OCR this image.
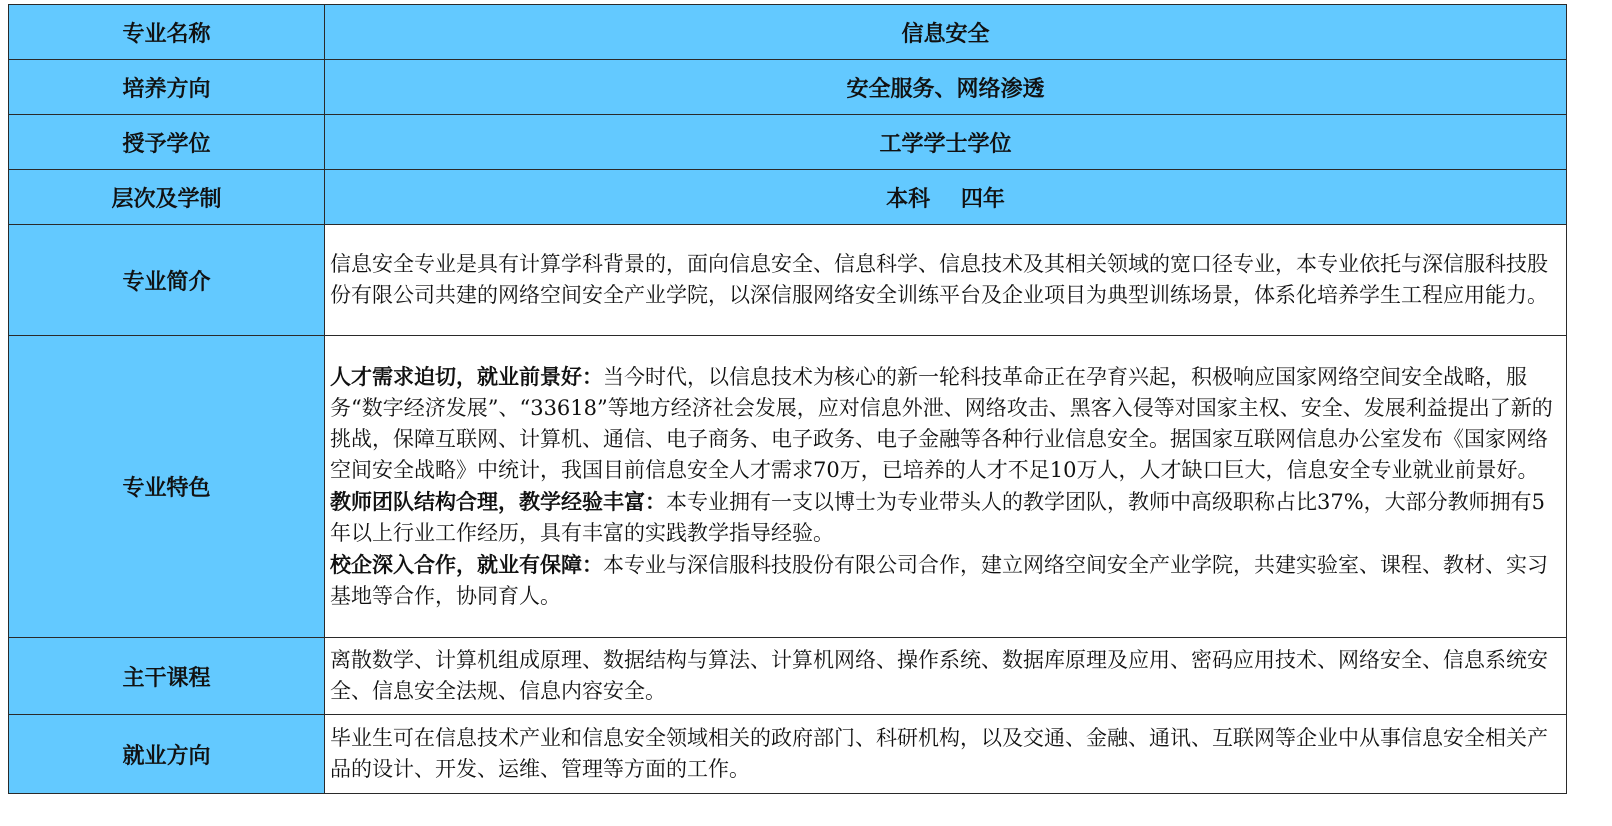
专业名称	信息安全
培养方向	安全服务、网络渗透
授予学位	工学学士学位
层次及学制	本科 四年
专业简介	信息安全专业是具有计算学科背景的，面向信息安全、信息科学、信息技术及其相关领域的宽口径专业，本专业依托与深信服科技股份有限公司共建的网络空间安全产业学院，以深信服网络安全训练平台及企业项目为典型训练场景，体系化培养学生工程应用能力。
专业特色	人才需求迫切，就业前景好：当今时代，以信息技术为核心的新一轮科技革命正在孕育兴起，积极响应国家网络空间安全战略，服务“数字经济发展”、“33618”等地方经济社会发展，应对信息外泄、网络攻击、黑客入侵等对国家主权、安全、发展利益提出了新的挑战，保障互联网、计算机、通信、电子商务、电子政务、电子金融等各种行业信息安全。据国家互联网信息办公室发布《国家网络空间安全战略》中统计，我国目前信息安全人才需求70万，已培养的人才不足10万人，人才缺口巨大，信息安全专业就业前景好。
教师团队结构合理，教学经验丰富：本专业拥有一支以博士为专业带头人的教学团队，教师中高级职称占比37%，大部分教师拥有5年以上行业工作经历，具有丰富的实践教学指导经验。
校企深入合作，就业有保障：本专业与深信服科技股份有限公司合作，建立网络空间安全产业学院，共建实验室、课程、教材、实习基地等合作，协同育人。

主干课程	离散数学、计算机组成原理、数据结构与算法、计算机网络、操作系统、数据库原理及应用、密码应用技术、网络安全、信息系统安全、信息安全法规、信息内容安全。
就业方向	毕业生可在信息技术产业和信息安全领域相关的政府部门、科研机构，以及交通、金融、通讯、互联网等企业中从事信息安全相关产品的设计、开发、运维、管理等方面的工作。
